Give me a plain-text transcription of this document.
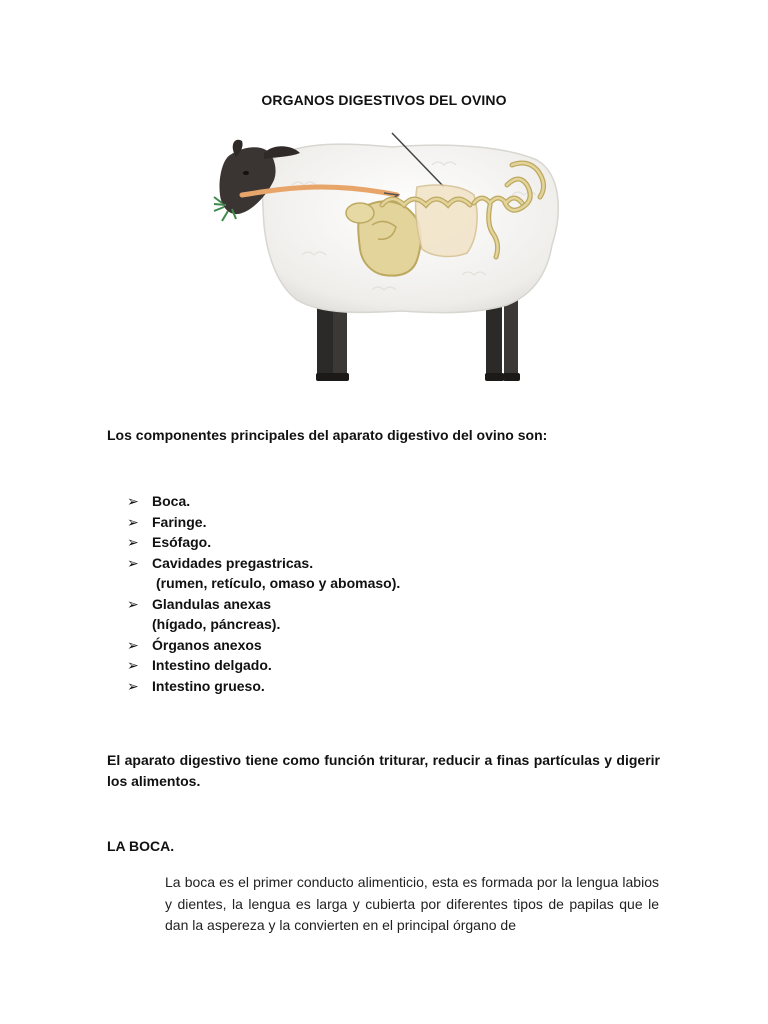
ORGANOS DIGESTIVOS DEL OVINO
Los componentes principales del aparato digestivo del ovino son:
➢ Boca.
➢ Faringe.
➢ Esófago.
➢ Cavidades pregastricas.
(rumen, retículo, omaso y abomaso).
➢ Glandulas anexas
(hígado, páncreas).
➢ Órganos anexos
➢ Intestino delgado.
➢ Intestino grueso.
El aparato digestivo tiene como función triturar, reducir a finas partículas y digerir los alimentos.
LA BOCA.
La boca es el primer conducto alimenticio, esta es formada por la lengua labios y dientes, la lengua es larga y cubierta por diferentes tipos de papilas que le dan la aspereza y la convierten en el principal órgano de
